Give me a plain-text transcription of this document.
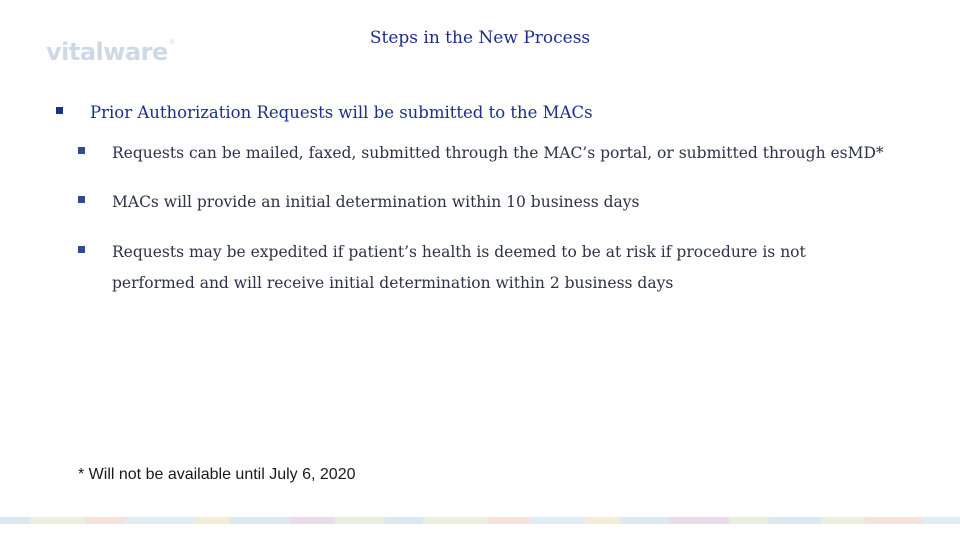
vitalware®	Steps in the New Process
Prior Authorization Requests will be submitted to the MACs
Requests can be mailed, faxed, submitted through the MAC’s portal, or submitted through esMD*
MACs will provide an initial determination within 10 business days
Requests may be expedited if patient’s health is deemed to be at risk if procedure is not performed and will receive initial determination within 2 business days
* Will not be available until July 6, 2020
